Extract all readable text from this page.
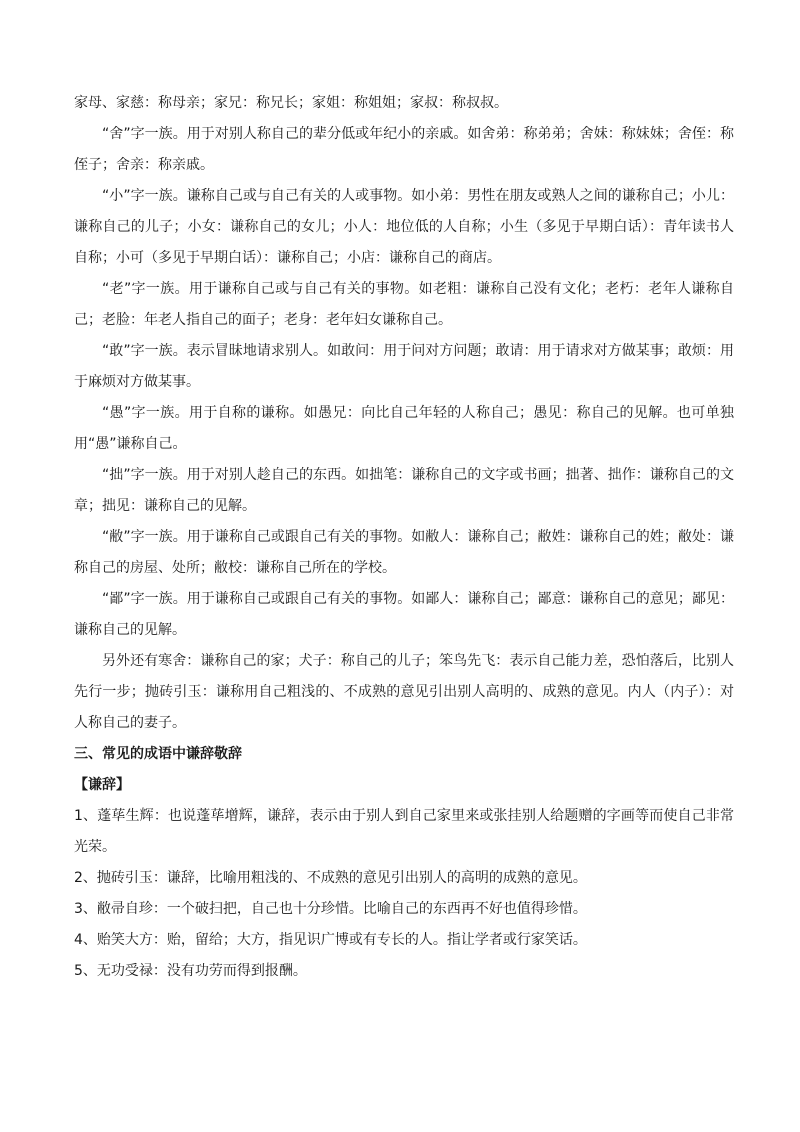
家母、家慈：称母亲；家兄：称兄长；家姐：称姐姐；家叔：称叔叔。

“舍”字一族。用于对别人称自己的辈分低或年纪小的亲戚。如舍弟：称弟弟；舍妹：称妹妹；舍侄：称侄子；舍亲：称亲戚。

“小”字一族。谦称自己或与自己有关的人或事物。如小弟：男性在朋友或熟人之间的谦称自己；小儿：谦称自己的儿子；小女：谦称自己的女儿；小人：地位低的人自称；小生（多见于早期白话）：青年读书人自称；小可（多见于早期白话）：谦称自己；小店：谦称自己的商店。

“老”字一族。用于谦称自己或与自己有关的事物。如老粗：谦称自己没有文化；老朽：老年人谦称自己；老脸：年老人指自己的面子；老身：老年妇女谦称自己。

“敢”字一族。表示冒昧地请求别人。如敢问：用于问对方问题；敢请：用于请求对方做某事；敢烦：用于麻烦对方做某事。

“愚”字一族。用于自称的谦称。如愚兄：向比自己年轻的人称自己；愚见：称自己的见解。也可单独用“愚”谦称自己。

“拙”字一族。用于对别人趁自己的东西。如拙笔：谦称自己的文字或书画；拙著、拙作：谦称自己的文章；拙见：谦称自己的见解。

“敝”字一族。用于谦称自己或跟自己有关的事物。如敝人：谦称自己；敝姓：谦称自己的姓；敝处：谦称自己的房屋、处所；敝校：谦称自己所在的学校。

“鄙”字一族。用于谦称自己或跟自己有关的事物。如鄙人：谦称自己；鄙意：谦称自己的意见；鄙见：谦称自己的见解。

另外还有寒舍：谦称自己的家；犬子：称自己的儿子；笨鸟先飞：表示自己能力差，恐怕落后，比别人先行一步；抛砖引玉：谦称用自己粗浅的、不成熟的意见引出别人高明的、成熟的意见。内人（内子）：对人称自己的妻子。

三、常见的成语中谦辞敬辞

【谦辞】

1、蓬荜生辉：也说蓬荜增辉，谦辞，表示由于别人到自己家里来或张挂别人给题赠的字画等而使自己非常光荣。

2、抛砖引玉：谦辞，比喻用粗浅的、不成熟的意见引出别人的高明的成熟的意见。

3、敝帚自珍：一个破扫把，自己也十分珍惜。比喻自己的东西再不好也值得珍惜。

4、贻笑大方：贻，留给；大方，指见识广博或有专长的人。指让学者或行家笑话。

5、无功受禄：没有功劳而得到报酬。
